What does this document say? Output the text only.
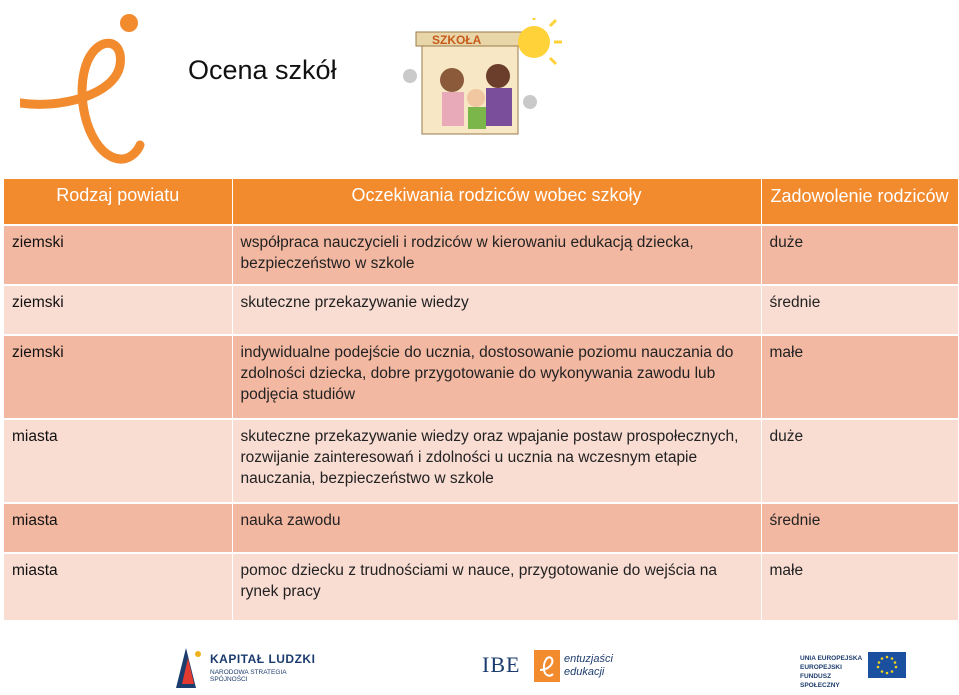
Ocena szkół
SZKOŁA
Rodzaj powiatu	Oczekiwania rodziców wobec szkoły	Zadowolenie rodziców
ziemski	współpraca nauczycieli i rodziców w kierowaniu edukacją dziecka, bezpieczeństwo w szkole	duże
ziemski	skuteczne przekazywanie wiedzy	średnie
ziemski	indywidualne podejście do ucznia, dostosowanie poziomu nauczania do zdolności dziecka, dobre przygotowanie do wykonywania zawodu lub podjęcia studiów	małe
miasta	skuteczne przekazywanie wiedzy oraz wpajanie postaw prospołecznych, rozwijanie zainteresowań i zdolności u ucznia na wczesnym etapie nauczania, bezpieczeństwo w szkole	duże
miasta	nauka zawodu	średnie
miasta	pomoc dziecku z trudnościami w nauce, przygotowanie do wejścia na rynek pracy	małe
KAPITAŁ LUDZKI
NARODOWA STRATEGIA SPÓJNOŚCI
IBE	entuzjaści edukacji
UNIA EUROPEJSKA EUROPEJSKI FUNDUSZ SPOŁECZNY
